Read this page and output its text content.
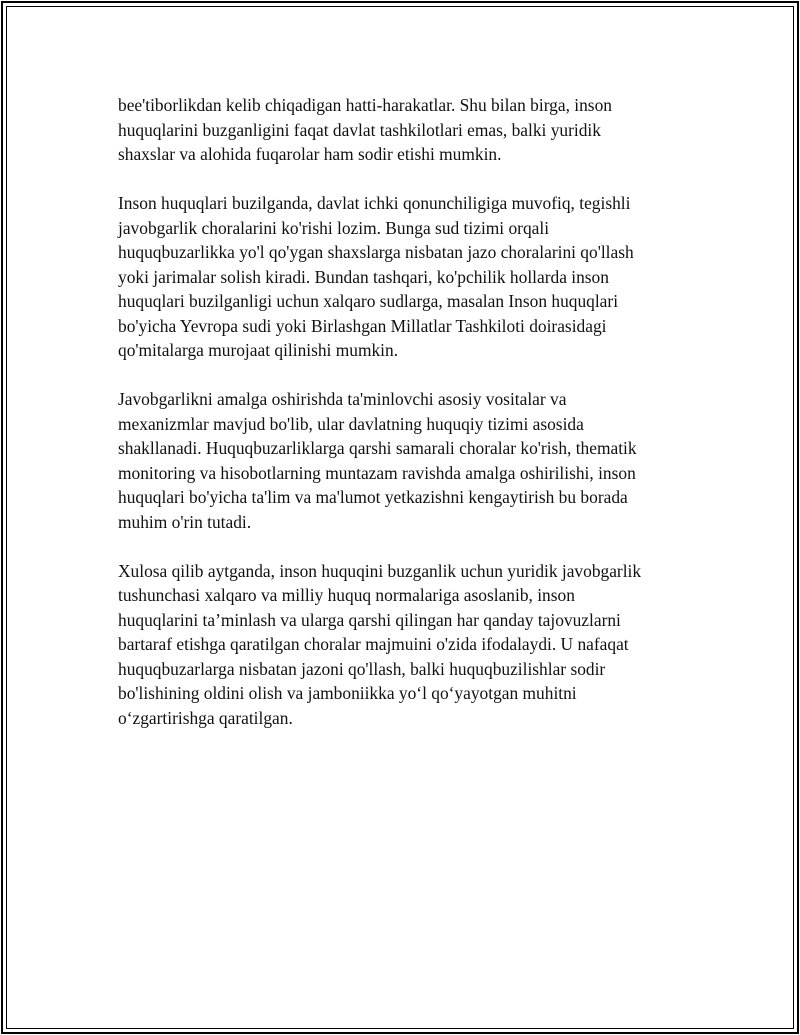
bee'tiborlikdan kelib chiqadigan hatti-harakatlar. Shu bilan birga, inson
huquqlarini buzganligini faqat davlat tashkilotlari emas, balki yuridik
shaxslar va alohida fuqarolar ham sodir etishi mumkin.

Inson huquqlari buzilganda, davlat ichki qonunchiligiga muvofiq, tegishli
javobgarlik choralarini ko'rishi lozim. Bunga sud tizimi orqali
huquqbuzarlikka yo'l qo'ygan shaxslarga nisbatan jazo choralarini qo'llash
yoki jarimalar solish kiradi. Bundan tashqari, ko'pchilik hollarda inson
huquqlari buzilganligi uchun xalqaro sudlarga, masalan Inson huquqlari
bo'yicha Yevropa sudi yoki Birlashgan Millatlar Tashkiloti doirasidagi
qo'mitalarga murojaat qilinishi mumkin.

Javobgarlikni amalga oshirishda ta'minlovchi asosiy vositalar va
mexanizmlar mavjud bo'lib, ular davlatning huquqiy tizimi asosida
shakllanadi. Huquqbuzarliklarga qarshi samarali choralar ko'rish, thematik
monitoring va hisobotlarning muntazam ravishda amalga oshirilishi, inson
huquqlari bo'yicha ta'lim va ma'lumot yetkazishni kengaytirish bu borada
muhim o'rin tutadi.

Xulosa qilib aytganda, inson huquqini buzganlik uchun yuridik javobgarlik
tushunchasi xalqaro va milliy huquq normalariga asoslanib, inson
huquqlarini ta’minlash va ularga qarshi qilingan har qanday tajovuzlarni
bartaraf etishga qaratilgan choralar majmuini o'zida ifodalaydi. U nafaqat
huquqbuzarlarga nisbatan jazoni qo'llash, balki huquqbuzilishlar sodir
bo'lishining oldini olish va jamboniikka yo‘l qo‘yayotgan muhitni
o‘zgartirishga qaratilgan.
